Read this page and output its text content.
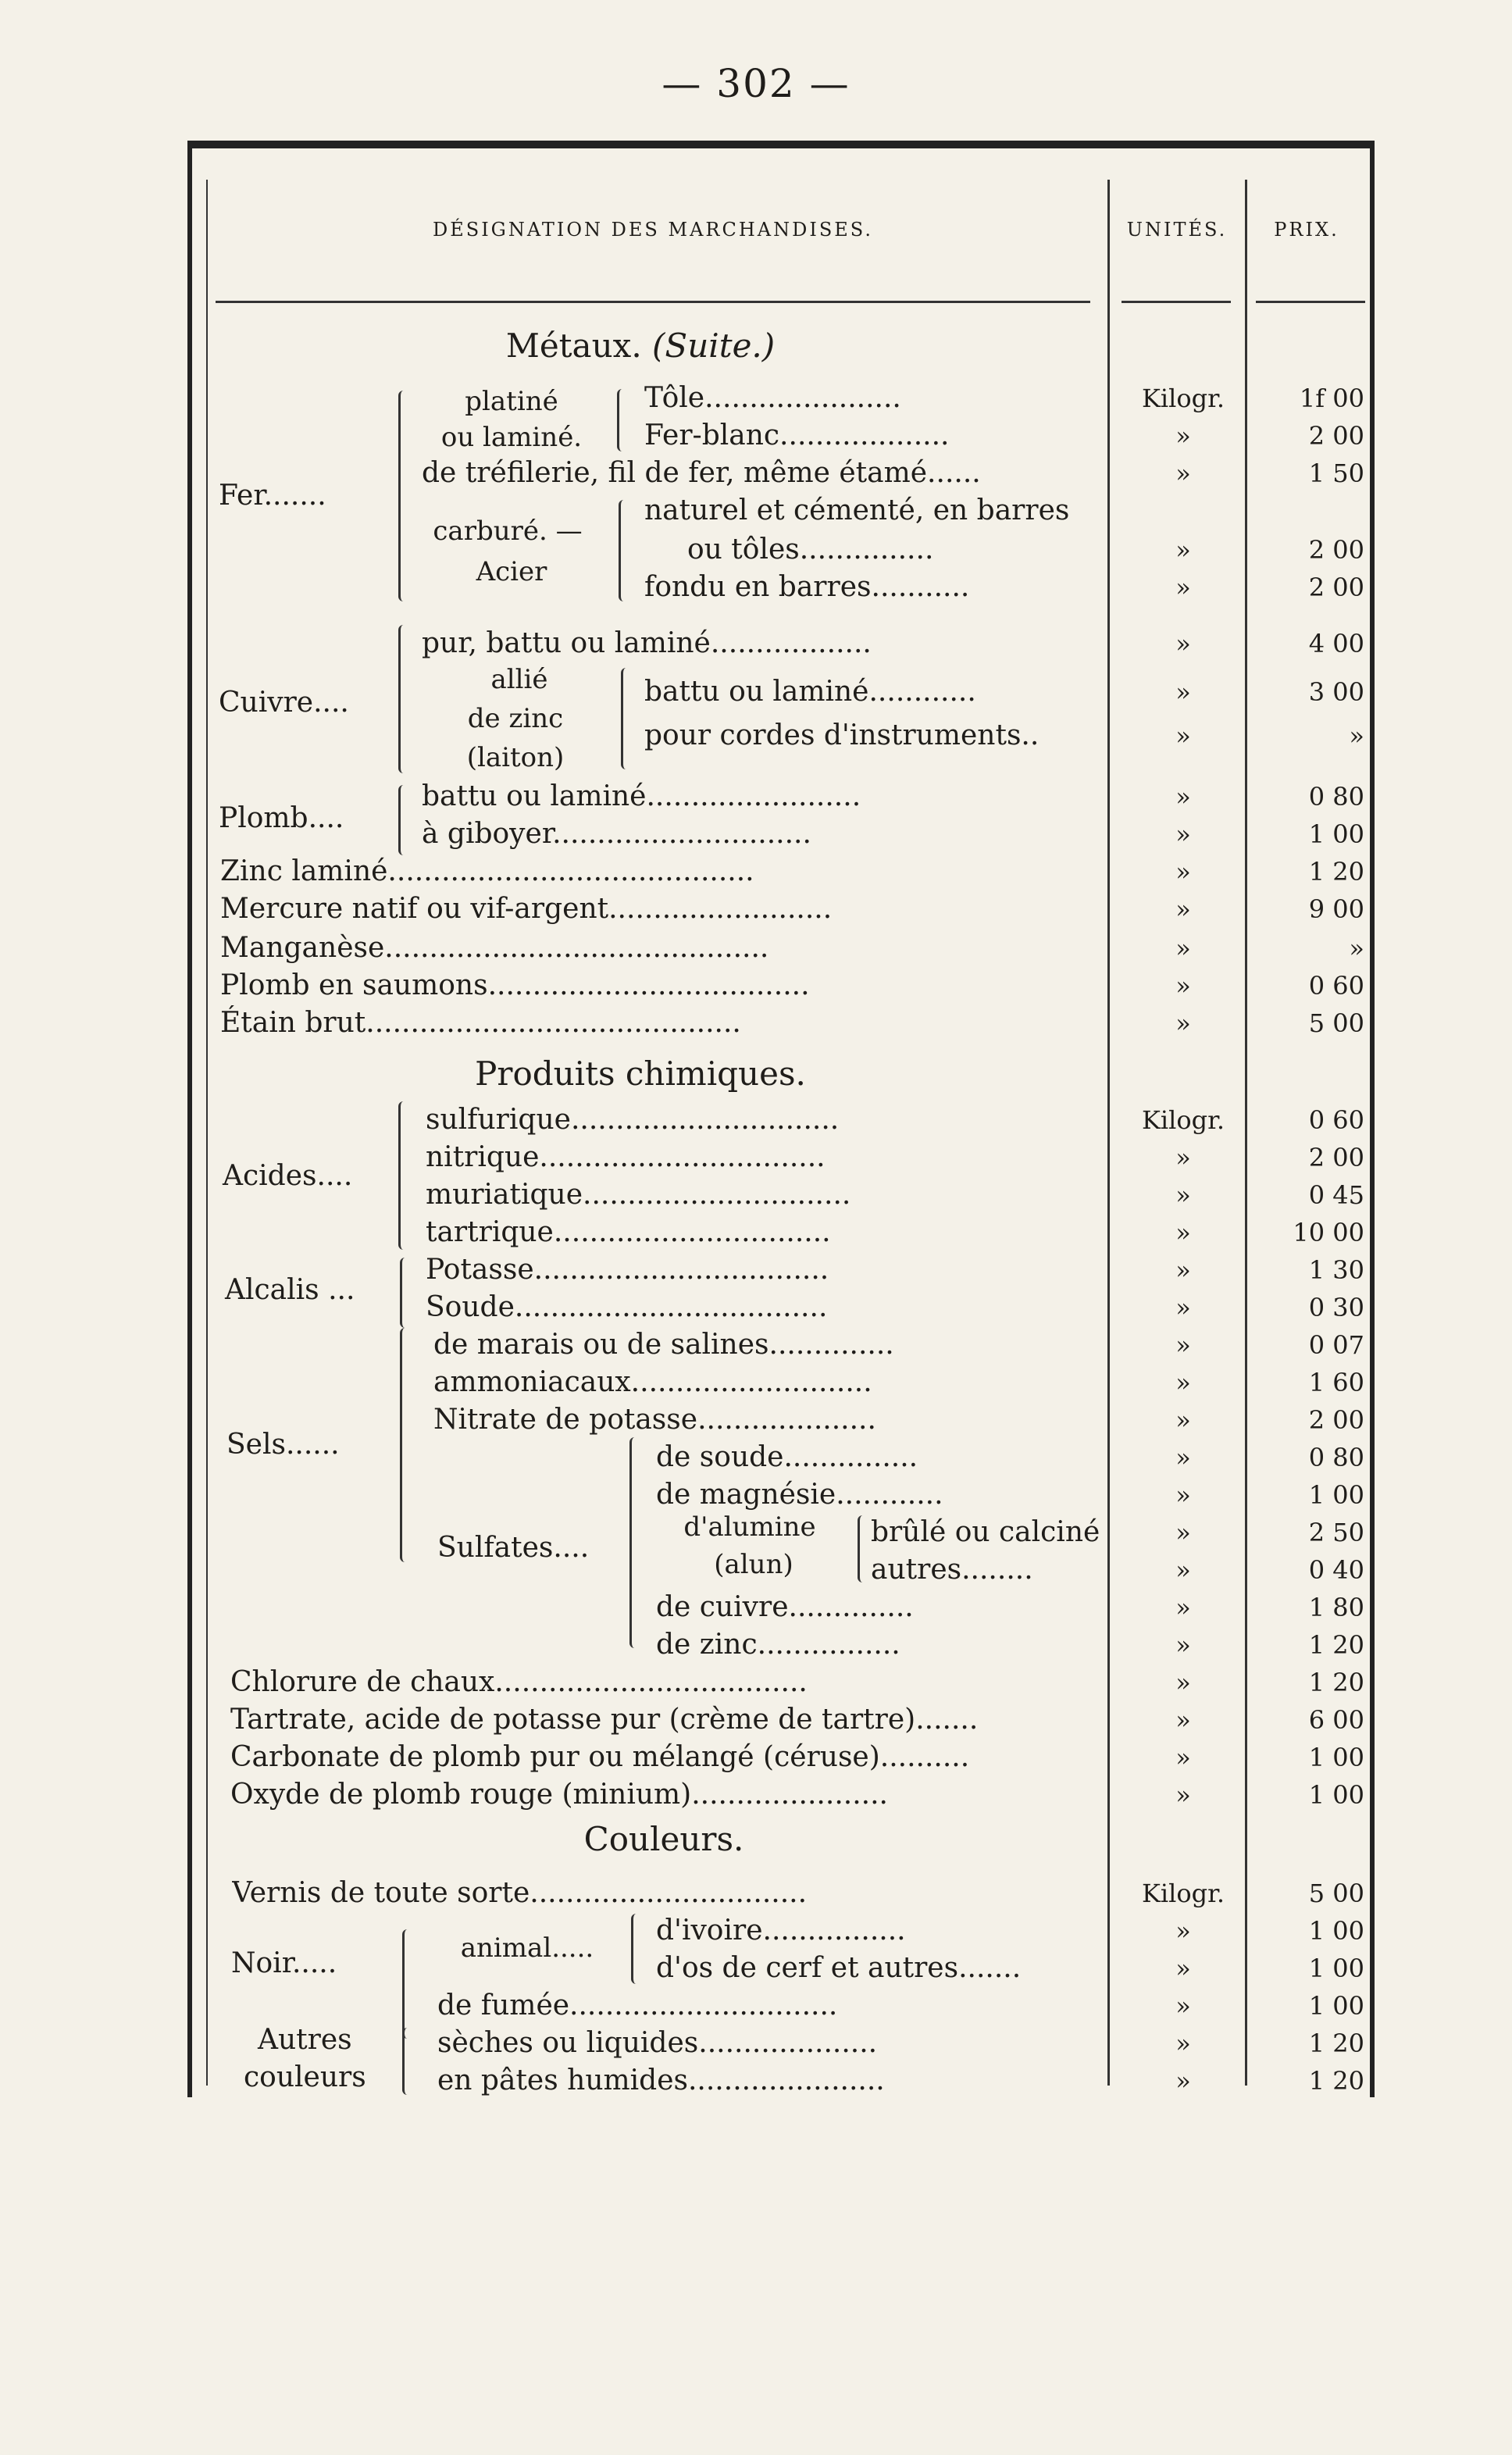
— 302 —
DÉSIGNATION DES MARCHANDISES.	UNITÉS.	PRIX.
Métaux. (Suite.)
Fer.......
platiné
ou laminé.
carburé. —
Acier
Cuivre....
allié
de zinc
(laiton)
Plomb....
Produits chimiques.
Acides....
Alcalis ...
Sels......
Sulfates....
d'alumine
(alun)
Couleurs.
Noir.....	animal.....
Autres
couleurs
Tôle......................	Kilogr.	1f 00
Fer-blanc...................	»	2 00
de tréfilerie, fil de fer, même étamé......	»	1 50
naturel et cémenté, en barres
ou tôles...............	»	2 00
fondu en barres...........	»	2 00
pur, battu ou laminé..................	»	4 00
battu ou laminé............	»	3 00
pour cordes d'instruments..	»	»
battu ou laminé........................	»	0 80
à giboyer.............................	»	1 00
Zinc laminé.........................................	»	1 20
Mercure natif ou vif-argent.........................	»	9 00
Manganèse...........................................	»	»
Plomb en saumons....................................	»	0 60
Étain brut..........................................	»	5 00
sulfurique..............................	Kilogr.	0 60
nitrique................................	»	2 00
muriatique..............................	»	0 45
tartrique...............................	»	10 00
Potasse.................................	»	1 30
Soude...................................	»	0 30
de marais ou de salines..............	»	0 07
ammoniacaux...........................	»	1 60
Nitrate de potasse....................	»	2 00
de soude...............	»	0 80
de magnésie............	»	1 00
brûlé ou calciné	»	2 50
autres........	»	0 40
de cuivre..............	»	1 80
de zinc................	»	1 20
Chlorure de chaux...................................	»	1 20
Tartrate, acide de potasse pur (crème de tartre).......	»	6 00
Carbonate de plomb pur ou mélangé (céruse)..........	»	1 00
Oxyde de plomb rouge (minium)......................	»	1 00
Vernis de toute sorte...............................	Kilogr.	5 00
d'ivoire................	»	1 00
d'os de cerf et autres.......	»	1 00
de fumée..............................	»	1 00
sèches ou liquides....................	»	1 20
en pâtes humides......................	»	1 20
